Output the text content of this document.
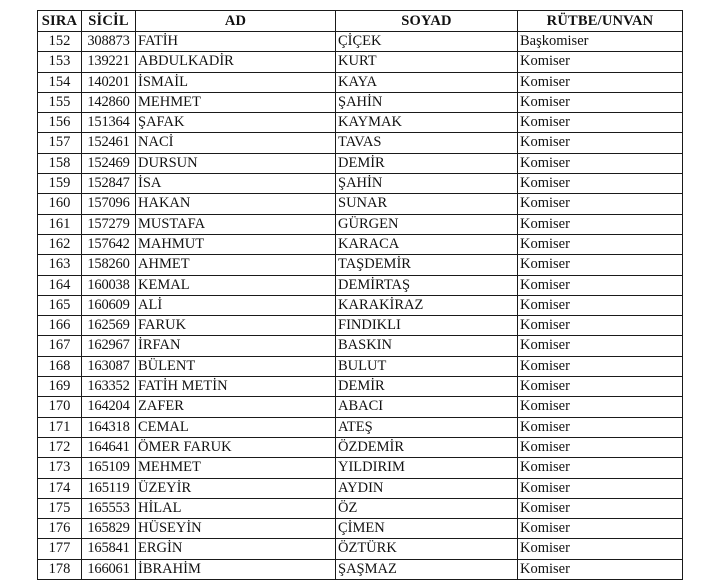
SIRA	SİCİL	AD	SOYAD	RÜTBE/UNVAN
152	308873	FATİH	ÇİÇEK	Başkomiser
153	139221	ABDULKADİR	KURT	Komiser
154	140201	İSMAİL	KAYA	Komiser
155	142860	MEHMET	ŞAHİN	Komiser
156	151364	ŞAFAK	KAYMAK	Komiser
157	152461	NACİ	TAVAS	Komiser
158	152469	DURSUN	DEMİR	Komiser
159	152847	İSA	ŞAHİN	Komiser
160	157096	HAKAN	SUNAR	Komiser
161	157279	MUSTAFA	GÜRGEN	Komiser
162	157642	MAHMUT	KARACA	Komiser
163	158260	AHMET	TAŞDEMİR	Komiser
164	160038	KEMAL	DEMİRTAŞ	Komiser
165	160609	ALİ	KARAKİRAZ	Komiser
166	162569	FARUK	FINDIKLI	Komiser
167	162967	İRFAN	BASKIN	Komiser
168	163087	BÜLENT	BULUT	Komiser
169	163352	FATİH METİN	DEMİR	Komiser
170	164204	ZAFER	ABACI	Komiser
171	164318	CEMAL	ATEŞ	Komiser
172	164641	ÖMER FARUK	ÖZDEMİR	Komiser
173	165109	MEHMET	YILDIRIM	Komiser
174	165119	ÜZEYİR	AYDIN	Komiser
175	165553	HİLAL	ÖZ	Komiser
176	165829	HÜSEYİN	ÇİMEN	Komiser
177	165841	ERGİN	ÖZTÜRK	Komiser
178	166061	İBRAHİM	ŞAŞMAZ	Komiser
